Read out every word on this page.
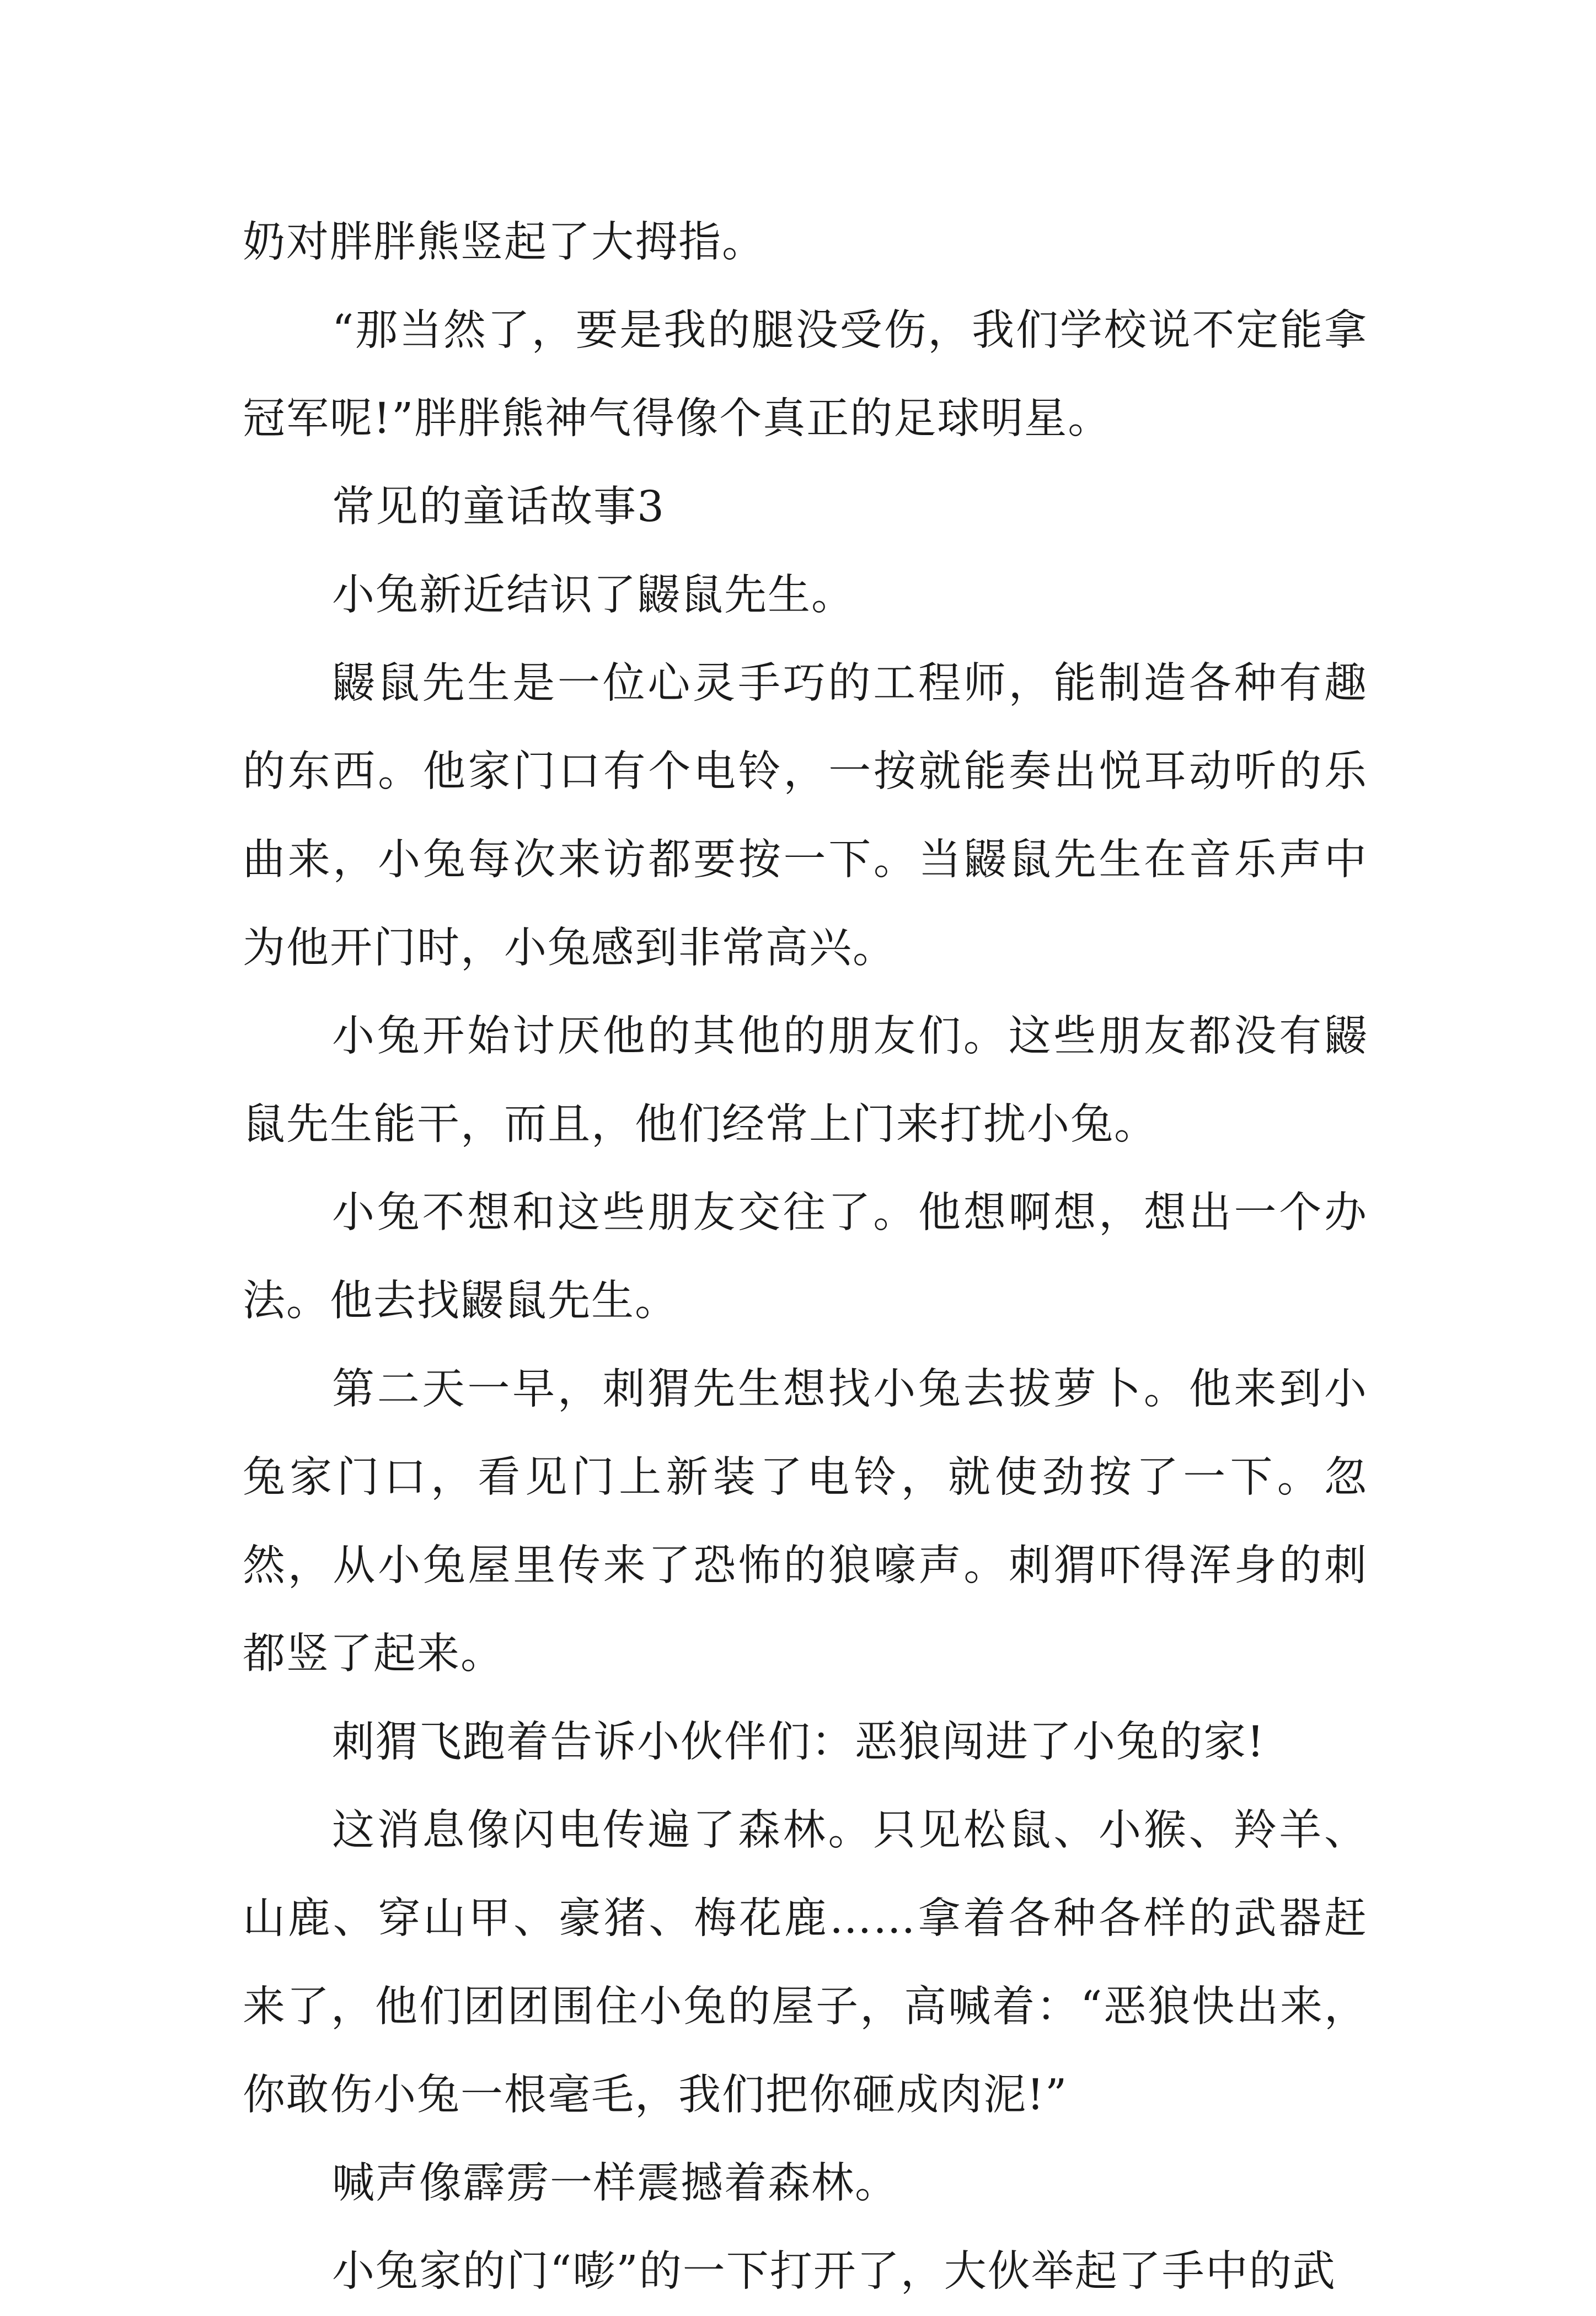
奶对胖胖熊竖起了大拇指。

“那当然了，要是我的腿没受伤，我们学校说不定能拿冠军呢!”胖胖熊神气得像个真正的足球明星。

常见的童话故事3

小兔新近结识了鼹鼠先生。

鼹鼠先生是一位心灵手巧的工程师，能制造各种有趣的东西。他家门口有个电铃，一按就能奏出悦耳动听的乐曲来，小兔每次来访都要按一下。当鼹鼠先生在音乐声中为他开门时，小兔感到非常高兴。

小兔开始讨厌他的其他的朋友们。这些朋友都没有鼹鼠先生能干，而且，他们经常上门来打扰小兔。

小兔不想和这些朋友交往了。他想啊想，想出一个办法。他去找鼹鼠先生。

第二天一早，刺猬先生想找小兔去拔萝卜。他来到小兔家门口，看见门上新装了电铃，就使劲按了一下。忽然，从小兔屋里传来了恐怖的狼嚎声。刺猬吓得浑身的刺都竖了起来。

刺猬飞跑着告诉小伙伴们：恶狼闯进了小兔的家!

这消息像闪电传遍了森林。只见松鼠、小猴、羚羊、山鹿、穿山甲、豪猪、梅花鹿……拿着各种各样的武器赶来了，他们团团围住小兔的屋子，高喊着：“恶狼快出来，你敢伤小兔一根毫毛，我们把你砸成肉泥!”

喊声像霹雳一样震撼着森林。

小兔家的门“嘭”的一下打开了，大伙举起了手中的武
